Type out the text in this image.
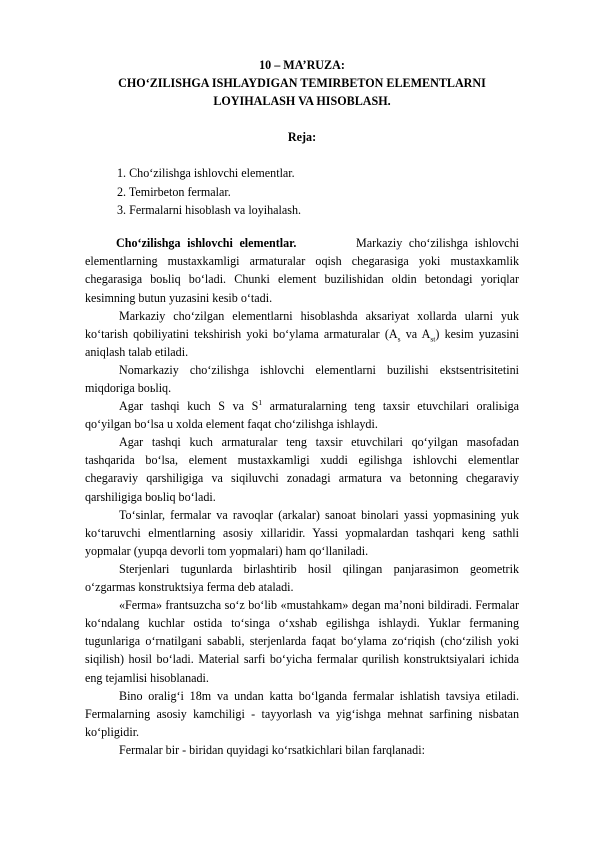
10 – MA’RUZA:
CHO‘ZILISHGA ISHLAYDIGAN TEMIRBETON ELEMENTLARNI
LOYIHALASH VA HISOBLASH.
Reja:
1. Cho‘zilishga ishlovchi elementlar.
2. Temirbeton fermalar.
3. Fermalarni hisoblash va loyihalash.

Cho‘zilishga ishlovchi elementlar.	Markaziy cho‘zilishga ishlovchi elementlarning mustaxkamligi armaturalar oqish chegarasiga yoki mustaxkamlik chegarasiga boьliq bo‘ladi. Chunki element buzilishidan oldin betondagi yoriqlar kesimning butun yuzasini kesib o‘tadi.

Markaziy cho‘zilgan elementlarni hisoblashda aksariyat xollarda ularni yuk ko‘tarish qobiliyatini tekshirish yoki bo‘ylama armaturalar ($A_s$ va $A_{st}$) kesim yuzasini aniqlash talab etiladi.

Nomarkaziy cho‘zilishga ishlovchi elementlarni buzilishi ekstsentrisitetini miqdoriga boьliq.

Agar tashqi kuch S va $S^1$ armaturalarning teng taxsir etuvchilari oraliьiga qo‘yilgan bo‘lsa u xolda element faqat cho‘zilishga ishlaydi.

Agar tashqi kuch armaturalar teng taxsir etuvchilari qo‘yilgan masofadan tashqarida bo‘lsa, element mustaxkamligi xuddi egilishga ishlovchi elementlar chegaraviy qarshiligiga va siqiluvchi zonadagi armatura va betonning chegaraviy qarshiligiga boьliq bo‘ladi.

To‘sinlar, fermalar va ravoqlar (arkalar) sanoat binolari yassi yopmasining yuk ko‘taruvchi elmentlarning asosiy xillaridir. Yassi yopmalardan tashqari keng sathli yopmalar (yupqa devorli tom yopmalari) ham qo‘llaniladi.

Sterjenlari tugunlarda birlashtirib hosil qilingan panjarasimon geometrik o‘zgarmas konstruktsiya ferma deb ataladi.

«Ferma» frantsuzcha so‘z bo‘lib «mustahkam» degan ma’noni bildiradi. Fermalar ko‘ndalang kuchlar ostida to‘singa o‘xshab egilishga ishlaydi. Yuklar fermaning tugunlariga o‘rnatilgani sababli, sterjenlarda faqat bo‘ylama zo‘riqish (cho‘zilish yoki siqilish) hosil bo‘ladi. Material sarfi bo‘yicha fermalar qurilish konstruktsiyalari ichida eng tejamlisi hisoblanadi.

Bino oralig‘i 18m va undan katta bo‘lganda fermalar ishlatish tavsiya etiladi. Fermalarning asosiy kamchiligi - tayyorlash va yig‘ishga mehnat sarfining nisbatan ko‘pligidir.

Fermalar bir - biridan quyidagi ko‘rsatkichlari bilan farqlanadi:
